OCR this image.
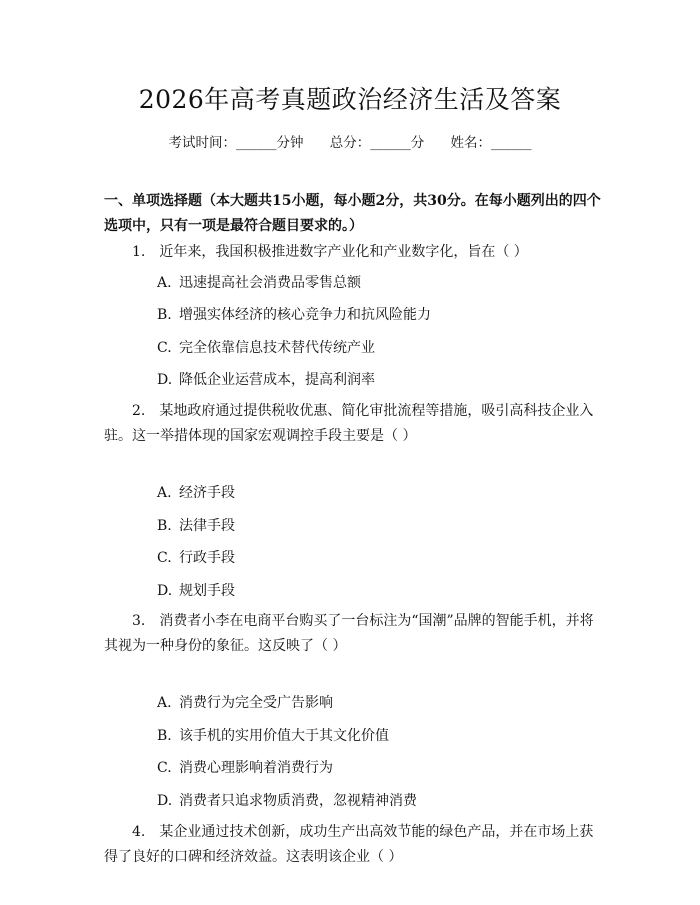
2026年高考真题政治经济生活及答案
考试时间：______分钟 总分：______分 姓名：______
一、单项选择题（本大题共15小题，每小题2分，共30分。在每小题列出的四个选项中，只有一项是最符合题目要求的。）
1.　近年来，我国积极推进数字产业化和产业数字化，旨在（ ）
A. 迅速提高社会消费品零售总额
B. 增强实体经济的核心竞争力和抗风险能力
C. 完全依靠信息技术替代传统产业
D. 降低企业运营成本，提高利润率
2.　某地政府通过提供税收优惠、简化审批流程等措施，吸引高科技企业入驻。这一举措体现的国家宏观调控手段主要是（ ）
A. 经济手段
B. 法律手段
C. 行政手段
D. 规划手段
3.　消费者小李在电商平台购买了一台标注为“国潮”品牌的智能手机，并将其视为一种身份的象征。这反映了（ ）
A. 消费行为完全受广告影响
B. 该手机的实用价值大于其文化价值
C. 消费心理影响着消费行为
D. 消费者只追求物质消费，忽视精神消费
4.　某企业通过技术创新，成功生产出高效节能的绿色产品，并在市场上获得了良好的口碑和经济效益。这表明该企业（ ）
